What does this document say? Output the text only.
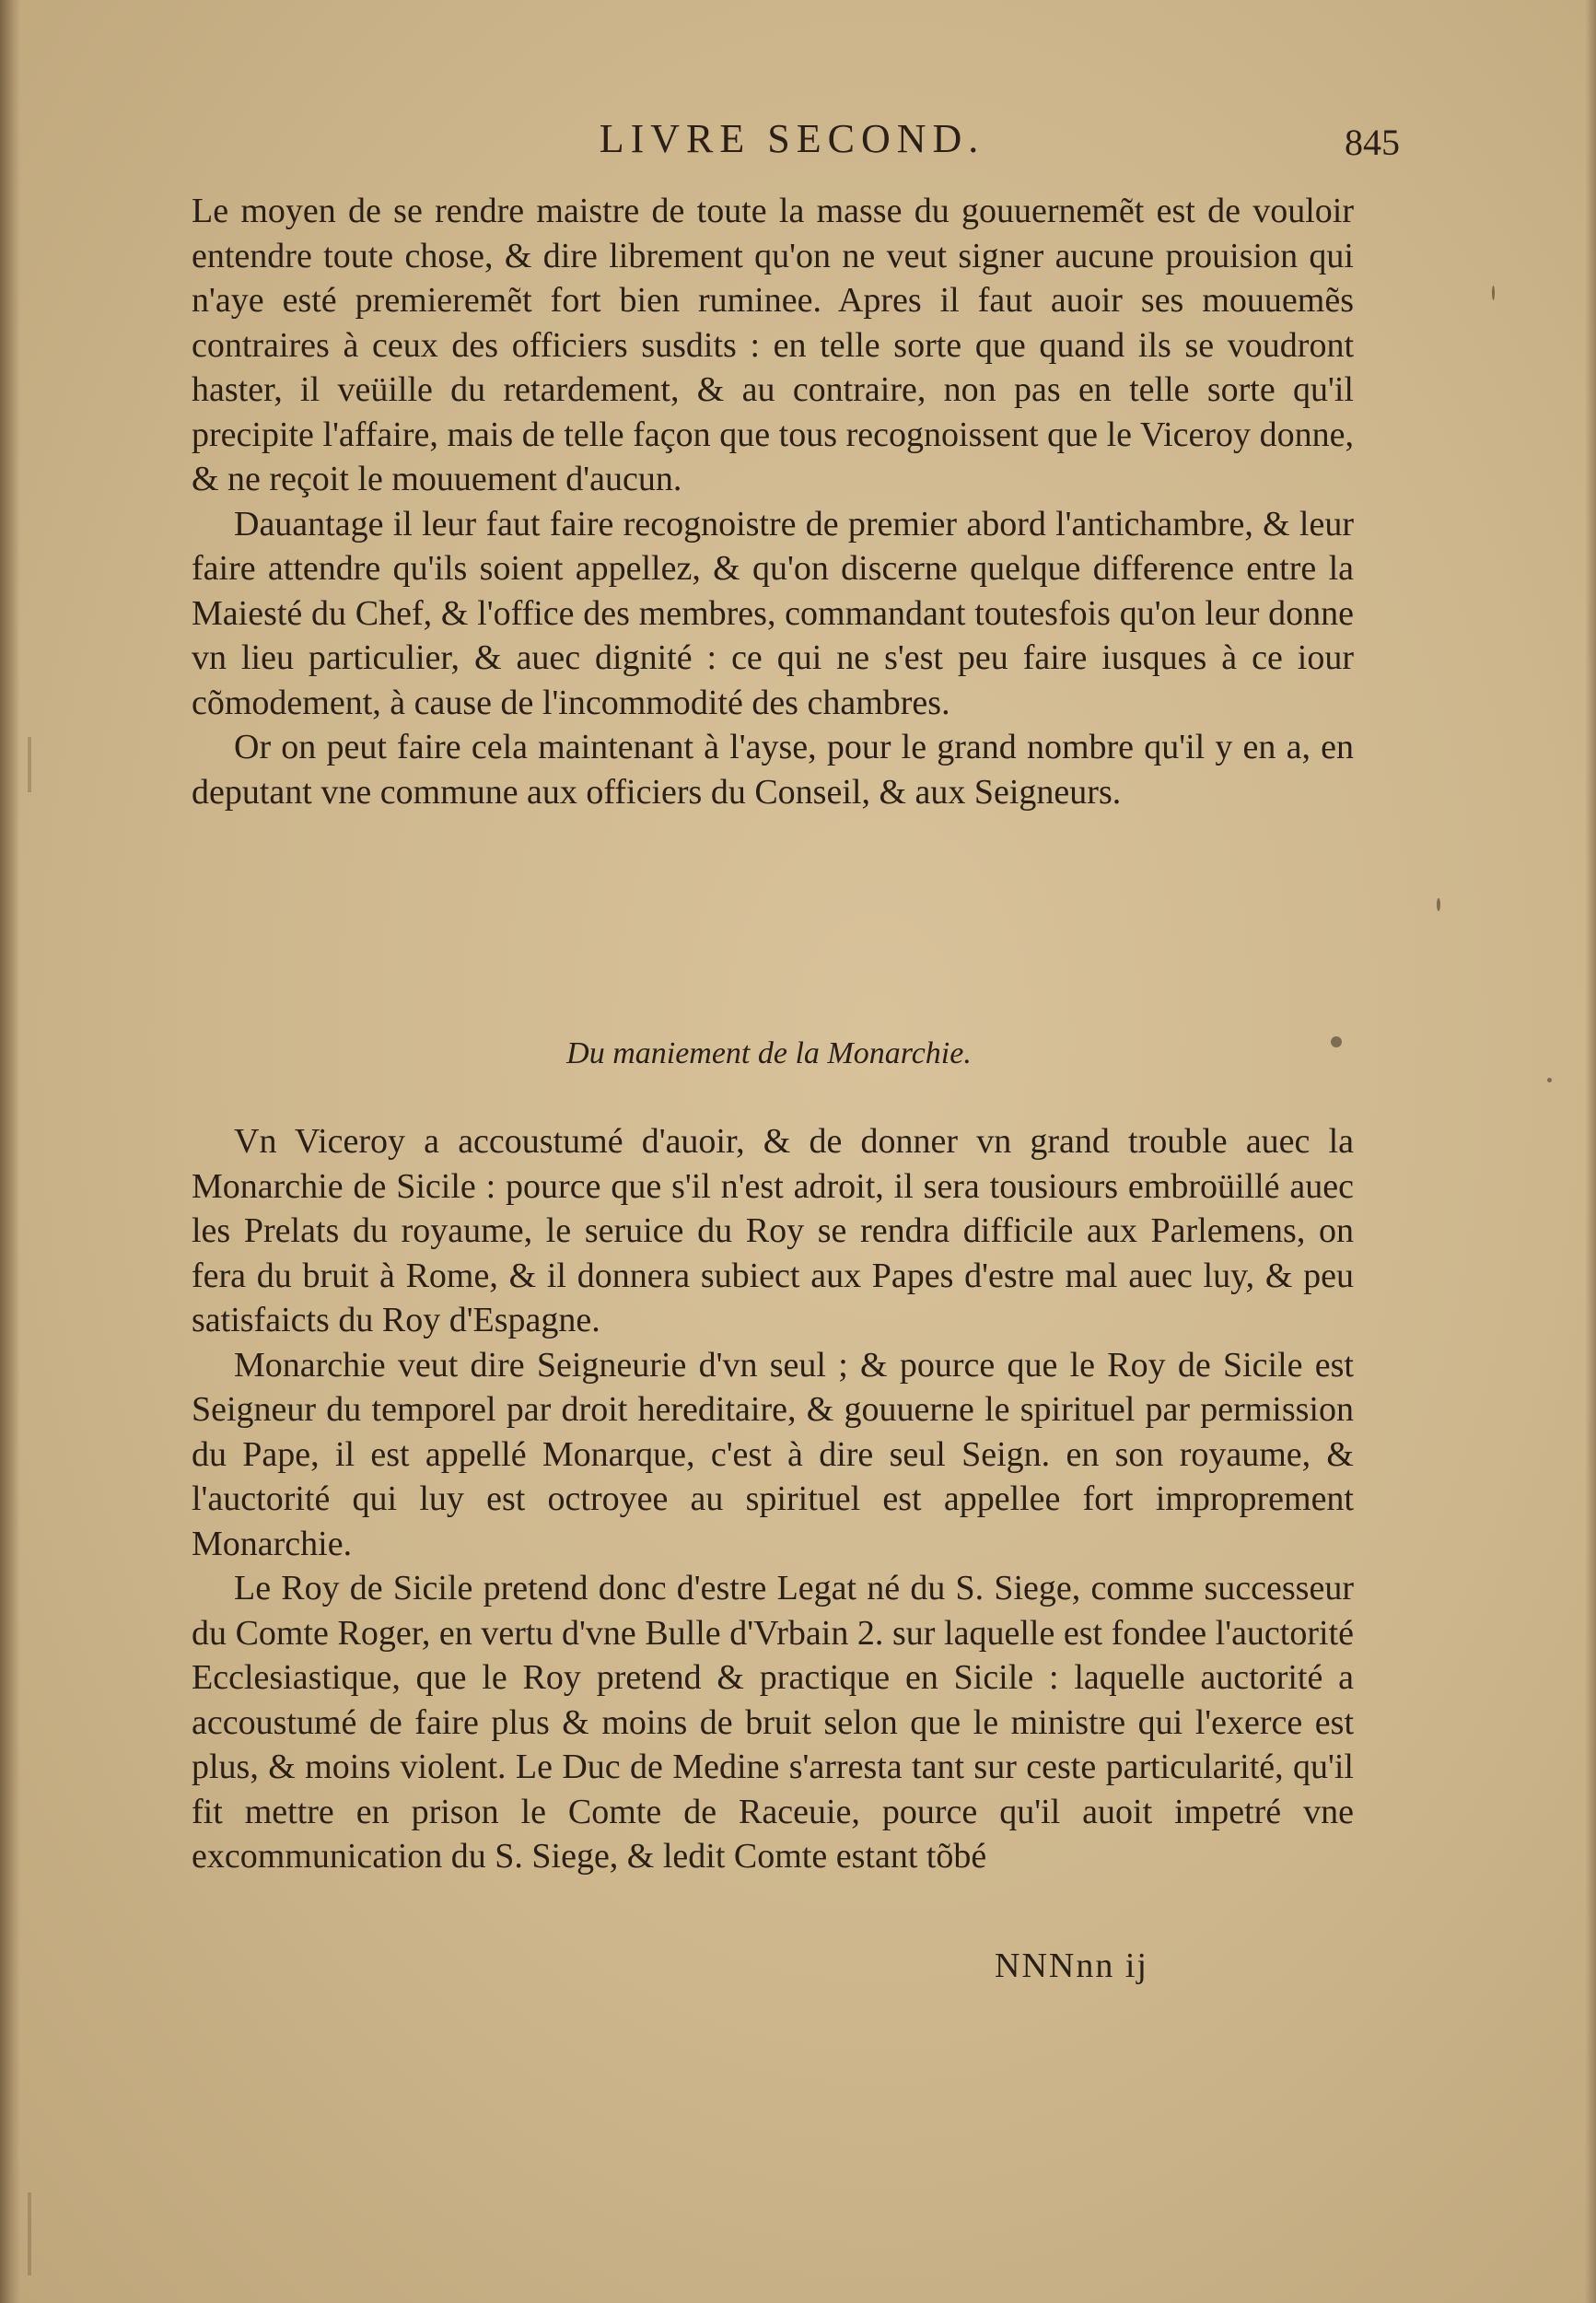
LIVRE SECOND.	845

Le moyen de se rendre maistre de toute la masse du gouuernemẽt est de vouloir entendre toute chose, & dire librement qu'on ne veut signer aucune prouision qui n'aye esté premieremẽt fort bien ruminee. Apres il faut auoir ses mouuemẽs contraires à ceux des officiers susdits : en telle sorte que quand ils se voudront haster, il veüille du retardement, & au contraire, non pas en telle sorte qu'il precipite l'affaire, mais de telle façon que tous recognoissent que le Viceroy donne, & ne reçoit le mouuement d'aucun.

Dauantage il leur faut faire recognoistre de premier abord l'antichambre, & leur faire attendre qu'ils soient appellez, & qu'on discerne quelque difference entre la Maiesté du Chef, & l'office des membres, commandant toutesfois qu'on leur donne vn lieu particulier, & auec dignité : ce qui ne s'est peu faire iusques à ce iour cõmodement, à cause de l'incommodité des chambres.

Or on peut faire cela maintenant à l'ayse, pour le grand nombre qu'il y en a, en deputant vne commune aux officiers du Conseil, & aux Seigneurs.

Du maniement de la Monarchie.

Vn Viceroy a accoustumé d'auoir, & de donner vn grand trouble auec la Monarchie de Sicile : pource que s'il n'est adroit, il sera tousiours embroüillé auec les Prelats du royaume, le seruice du Roy se rendra difficile aux Parlemens, on fera du bruit à Rome, & il donnera subiect aux Papes d'estre mal auec luy, & peu satisfaicts du Roy d'Espagne.

Monarchie veut dire Seigneurie d'vn seul ; & pource que le Roy de Sicile est Seigneur du temporel par droit hereditaire, & gouuerne le spirituel par permission du Pape, il est appellé Monarque, c'est à dire seul Seign. en son royaume, & l'auctorité qui luy est octroyee au spirituel est appellee fort improprement Monarchie.

Le Roy de Sicile pretend donc d'estre Legat né du S. Siege, comme successeur du Comte Roger, en vertu d'vne Bulle d'Vrbain 2. sur laquelle est fondee l'auctorité Ecclesiastique, que le Roy pretend & practique en Sicile : laquelle auctorité a accoustumé de faire plus & moins de bruit selon que le ministre qui l'exerce est plus, & moins violent. Le Duc de Medine s'arresta tant sur ceste particularité, qu'il fit mettre en prison le Comte de Raceuie, pource qu'il auoit impetré vne excommunication du S. Siege, & ledit Comte estant tõbé

NNNnn ij
